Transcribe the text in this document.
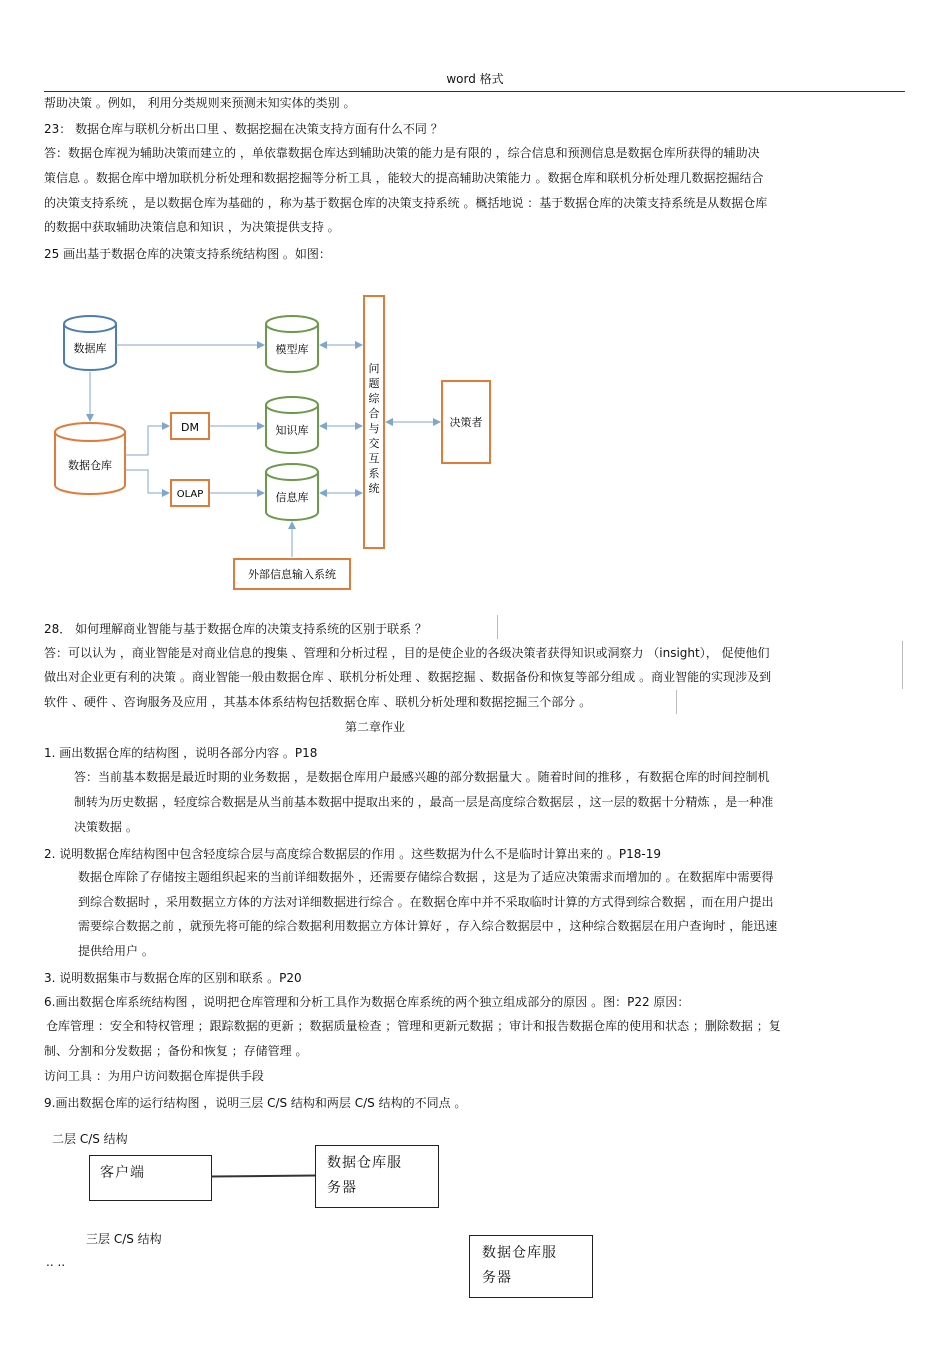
word 格式
帮助决策 。例如， 利用分类规则来预测未知实体的类别 。
23： 数据仓库与联机分析出口里 、数据挖掘在决策支持方面有什么不同 ？
答：数据仓库视为辅助决策而建立的 ，单依靠数据仓库达到辅助决策的能力是有限的 ，综合信息和预测信息是数据仓库所获得的辅助决
策信息 。数据仓库中增加联机分析处理和数据挖掘等分析工具 ，能较大的提高辅助决策能力 。数据仓库和联机分析处理几数据挖掘结合
的决策支持系统 ，是以数据仓库为基础的 ，称为基于数据仓库的决策支持系统 。概括地说 ：基于数据仓库的决策支持系统是从数据仓库
的数据中获取辅助决策信息和知识 ，为决策提供支持 。
25 画出基于数据仓库的决策支持系统结构图 。如图：
数据库
数据仓库
模型库
知识库
信息库
DM
OLAP
问
题
综
合
与
交
互
系
统
决策者
外部信息输入系统
28． 如何理解商业智能与基于数据仓库的决策支持系统的区别于联系 ？
答：可以认为 ，商业智能是对商业信息的搜集 、管理和分析过程 ，目的是使企业的各级决策者获得知识或洞察力 （insight）， 促使他们
做出对企业更有利的决策 。商业智能一般由数据仓库 、联机分析处理 、数据挖掘 、数据备份和恢复等部分组成 。商业智能的实现涉及到
软件 、硬件 、咨询服务及应用 ，其基本体系结构包括数据仓库 、联机分析处理和数据挖掘三个部分 。
第二章作业
1. 画出数据仓库的结构图 ，说明各部分内容 。P18
答：当前基本数据是最近时期的业务数据 ，是数据仓库用户最感兴趣的部分数据量大 。随着时间的推移 ，有数据仓库的时间控制机
制转为历史数据 ，轻度综合数据是从当前基本数据中提取出来的 ，最高一层是高度综合数据层 ，这一层的数据十分精炼 ，是一种准
决策数据 。
2. 说明数据仓库结构图中包含轻度综合层与高度综合数据层的作用 。这些数据为什么不是临时计算出来的 。P18-19
数据仓库除了存储按主题组织起来的当前详细数据外 ，还需要存储综合数据 ，这是为了适应决策需求而增加的 。在数据库中需要得
到综合数据时 ，采用数据立方体的方法对详细数据进行综合 。在数据仓库中并不采取临时计算的方式得到综合数据 ，而在用户提出
需要综合数据之前 ，就预先将可能的综合数据利用数据立方体计算好 ，存入综合数据层中 ，这种综合数据层在用户查询时 ，能迅速
提供给用户 。
3. 说明数据集市与数据仓库的区别和联系 。P20
6.画出数据仓库系统结构图 ，说明把仓库管理和分析工具作为数据仓库系统的两个独立组成部分的原因 。图：P22 原因：
仓库管理 ：安全和特权管理 ；跟踪数据的更新 ；数据质量检查 ；管理和更新元数据 ；审计和报告数据仓库的使用和状态 ；删除数据 ；复
制、分割和分发数据 ；备份和恢复 ；存储管理 。
访问工具 ：为用户访问数据仓库提供手段
9.画出数据仓库的运行结构图 ，说明三层 C/S 结构和两层 C/S 结构的不同点 。
二层 C/S 结构
客户端
数据仓库服
务器
三层 C/S 结构
.. ..
数据仓库服
务器
